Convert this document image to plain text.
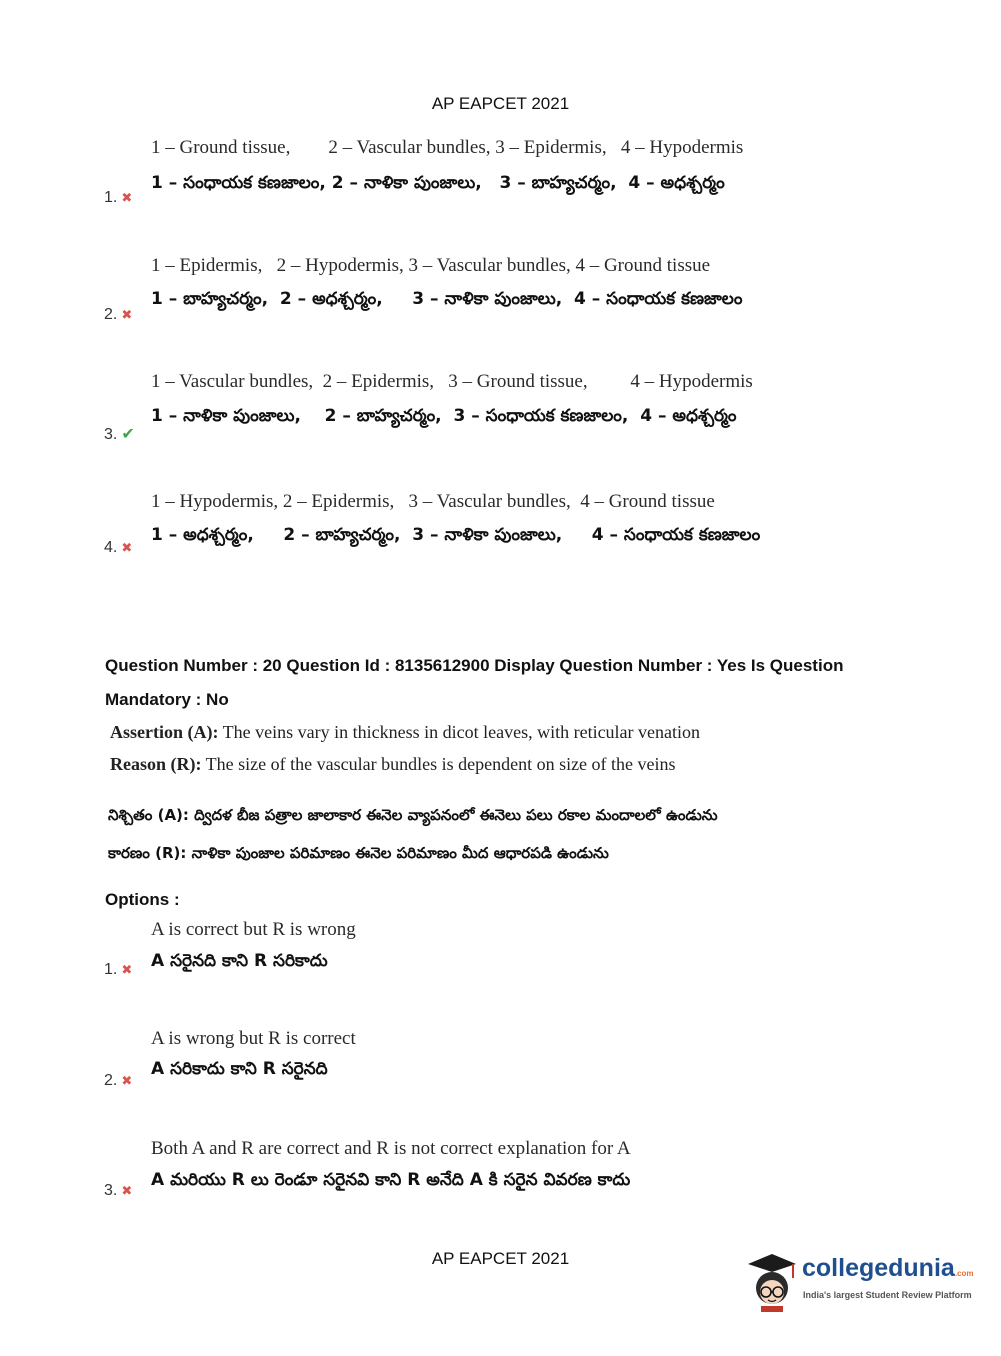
AP EAPCET 2021
1 – Ground tissue,        2 – Vascular bundles, 3 – Epidermis,   4 – Hypodermis
1 – సంధాయక కణజాలం, 2 – నాళికా పుంజాలు,   3 – బాహ్యచర్మం,  4 – అధశ్చర్మం
1. ✖
1 – Epidermis,   2 – Hypodermis, 3 – Vascular bundles, 4 – Ground tissue
1 – బాహ్యచర్మం,  2 – అధశ్చర్మం,     3 – నాళికా పుంజాలు,  4 – సంధాయక కణజాలం
2. ✖
1 – Vascular bundles,  2 – Epidermis,   3 – Ground tissue,         4 – Hypodermis
1 – నాళికా పుంజాలు,    2 – బాహ్యచర్మం,  3 – సంధాయక కణజాలం,  4 – అధశ్చర్మం
3. ✔
1 – Hypodermis, 2 – Epidermis,   3 – Vascular bundles,  4 – Ground tissue
1 – అధశ్చర్మం,     2 – బాహ్యచర్మం,  3 – నాళికా పుంజాలు,     4 – సంధాయక కణజాలం
4. ✖
Question Number : 20 Question Id : 8135612900 Display Question Number : Yes Is Question
Mandatory : No
Assertion (A): The veins vary in thickness in dicot leaves, with reticular venation
Reason (R): The size of the vascular bundles is dependent on size of the veins
నిశ్చితం (A): ద్విదళ బీజ పత్రాల జాలాకార ఈనెల వ్యాపనంలో ఈనెలు పలు రకాల మందాలలో ఉండును
కారణం (R): నాళికా పుంజాల పరిమాణం ఈనెల పరిమాణం మీద ఆధారపడి ఉండును
Options :
A is correct but R is wrong
A సరైనది కాని R సరికాదు
1. ✖
A is wrong but R is correct
A సరికాదు కాని R సరైనది
2. ✖
Both A and R are correct and R is not correct explanation for A
A మరియు R లు రెండూ సరైనవి కాని R అనేది A కి సరైన వివరణ కాదు
3. ✖
AP EAPCET 2021	collegedunia.com
India's largest Student Review Platform
